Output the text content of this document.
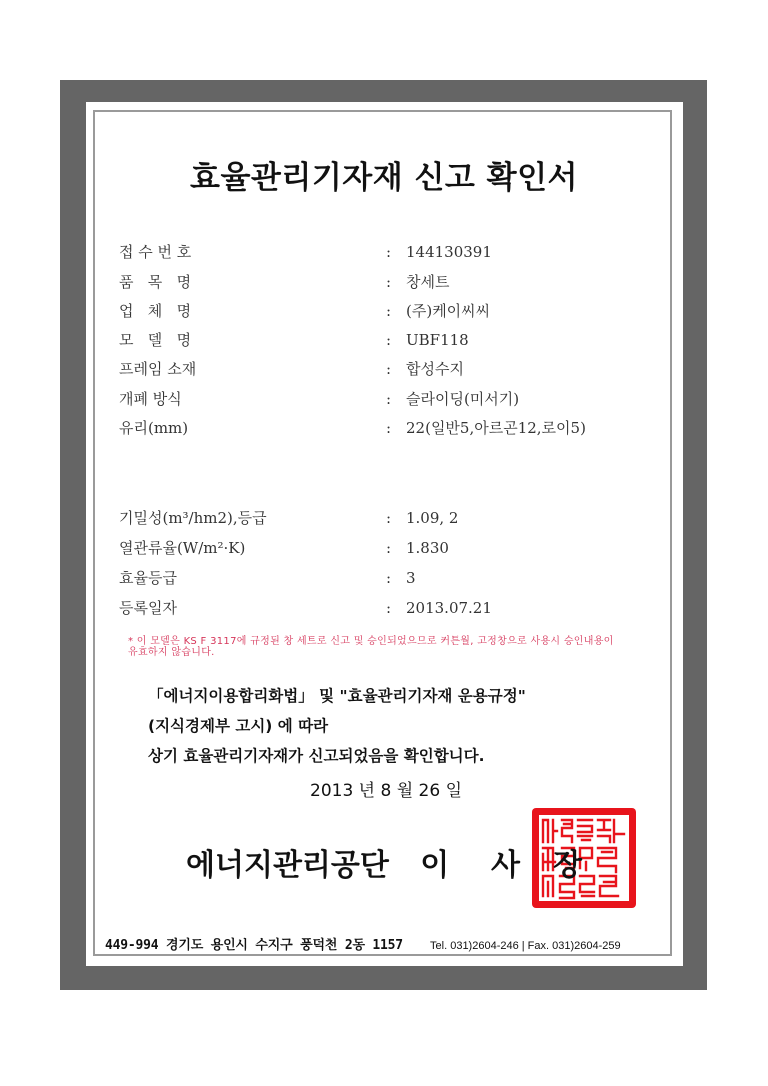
효율관리기자재 신고 확인서
접 수 번 호	: 144130391
품   목   명	: 창세트
업   체   명	: (주)케이씨씨
모   델   명	: UBF118
프레임 소재	: 합성수지
개폐 방식	: 슬라이딩(미서기)
유리(mm)	: 22(일반5,아르곤12,로이5)
기밀성(m³/hm2),등급	: 1.09, 2
열관류율(W/m²·K)	: 1.830
효율등급	: 3
등록일자	: 2013.07.21
* 이 모델은 KS F 3117에 규정된 창 세트로 신고 및 승인되었으므로 커튼월, 고정창으로 사용시 승인내용이 유효하지 않습니다.
「에너지이용합리화법」 및 "효율관리기자재 운용규정"
(지식경제부 고시) 에 따라
상기 효율관리기자재가 신고되었음을 확인합니다.
2013 년 8 월 26 일
에너지관리공단   이    사 장
449-994 경기도 용인시 수지구 풍덕천 2동 1157 Tel. 031)2604-246 | Fax. 031)2604-259
